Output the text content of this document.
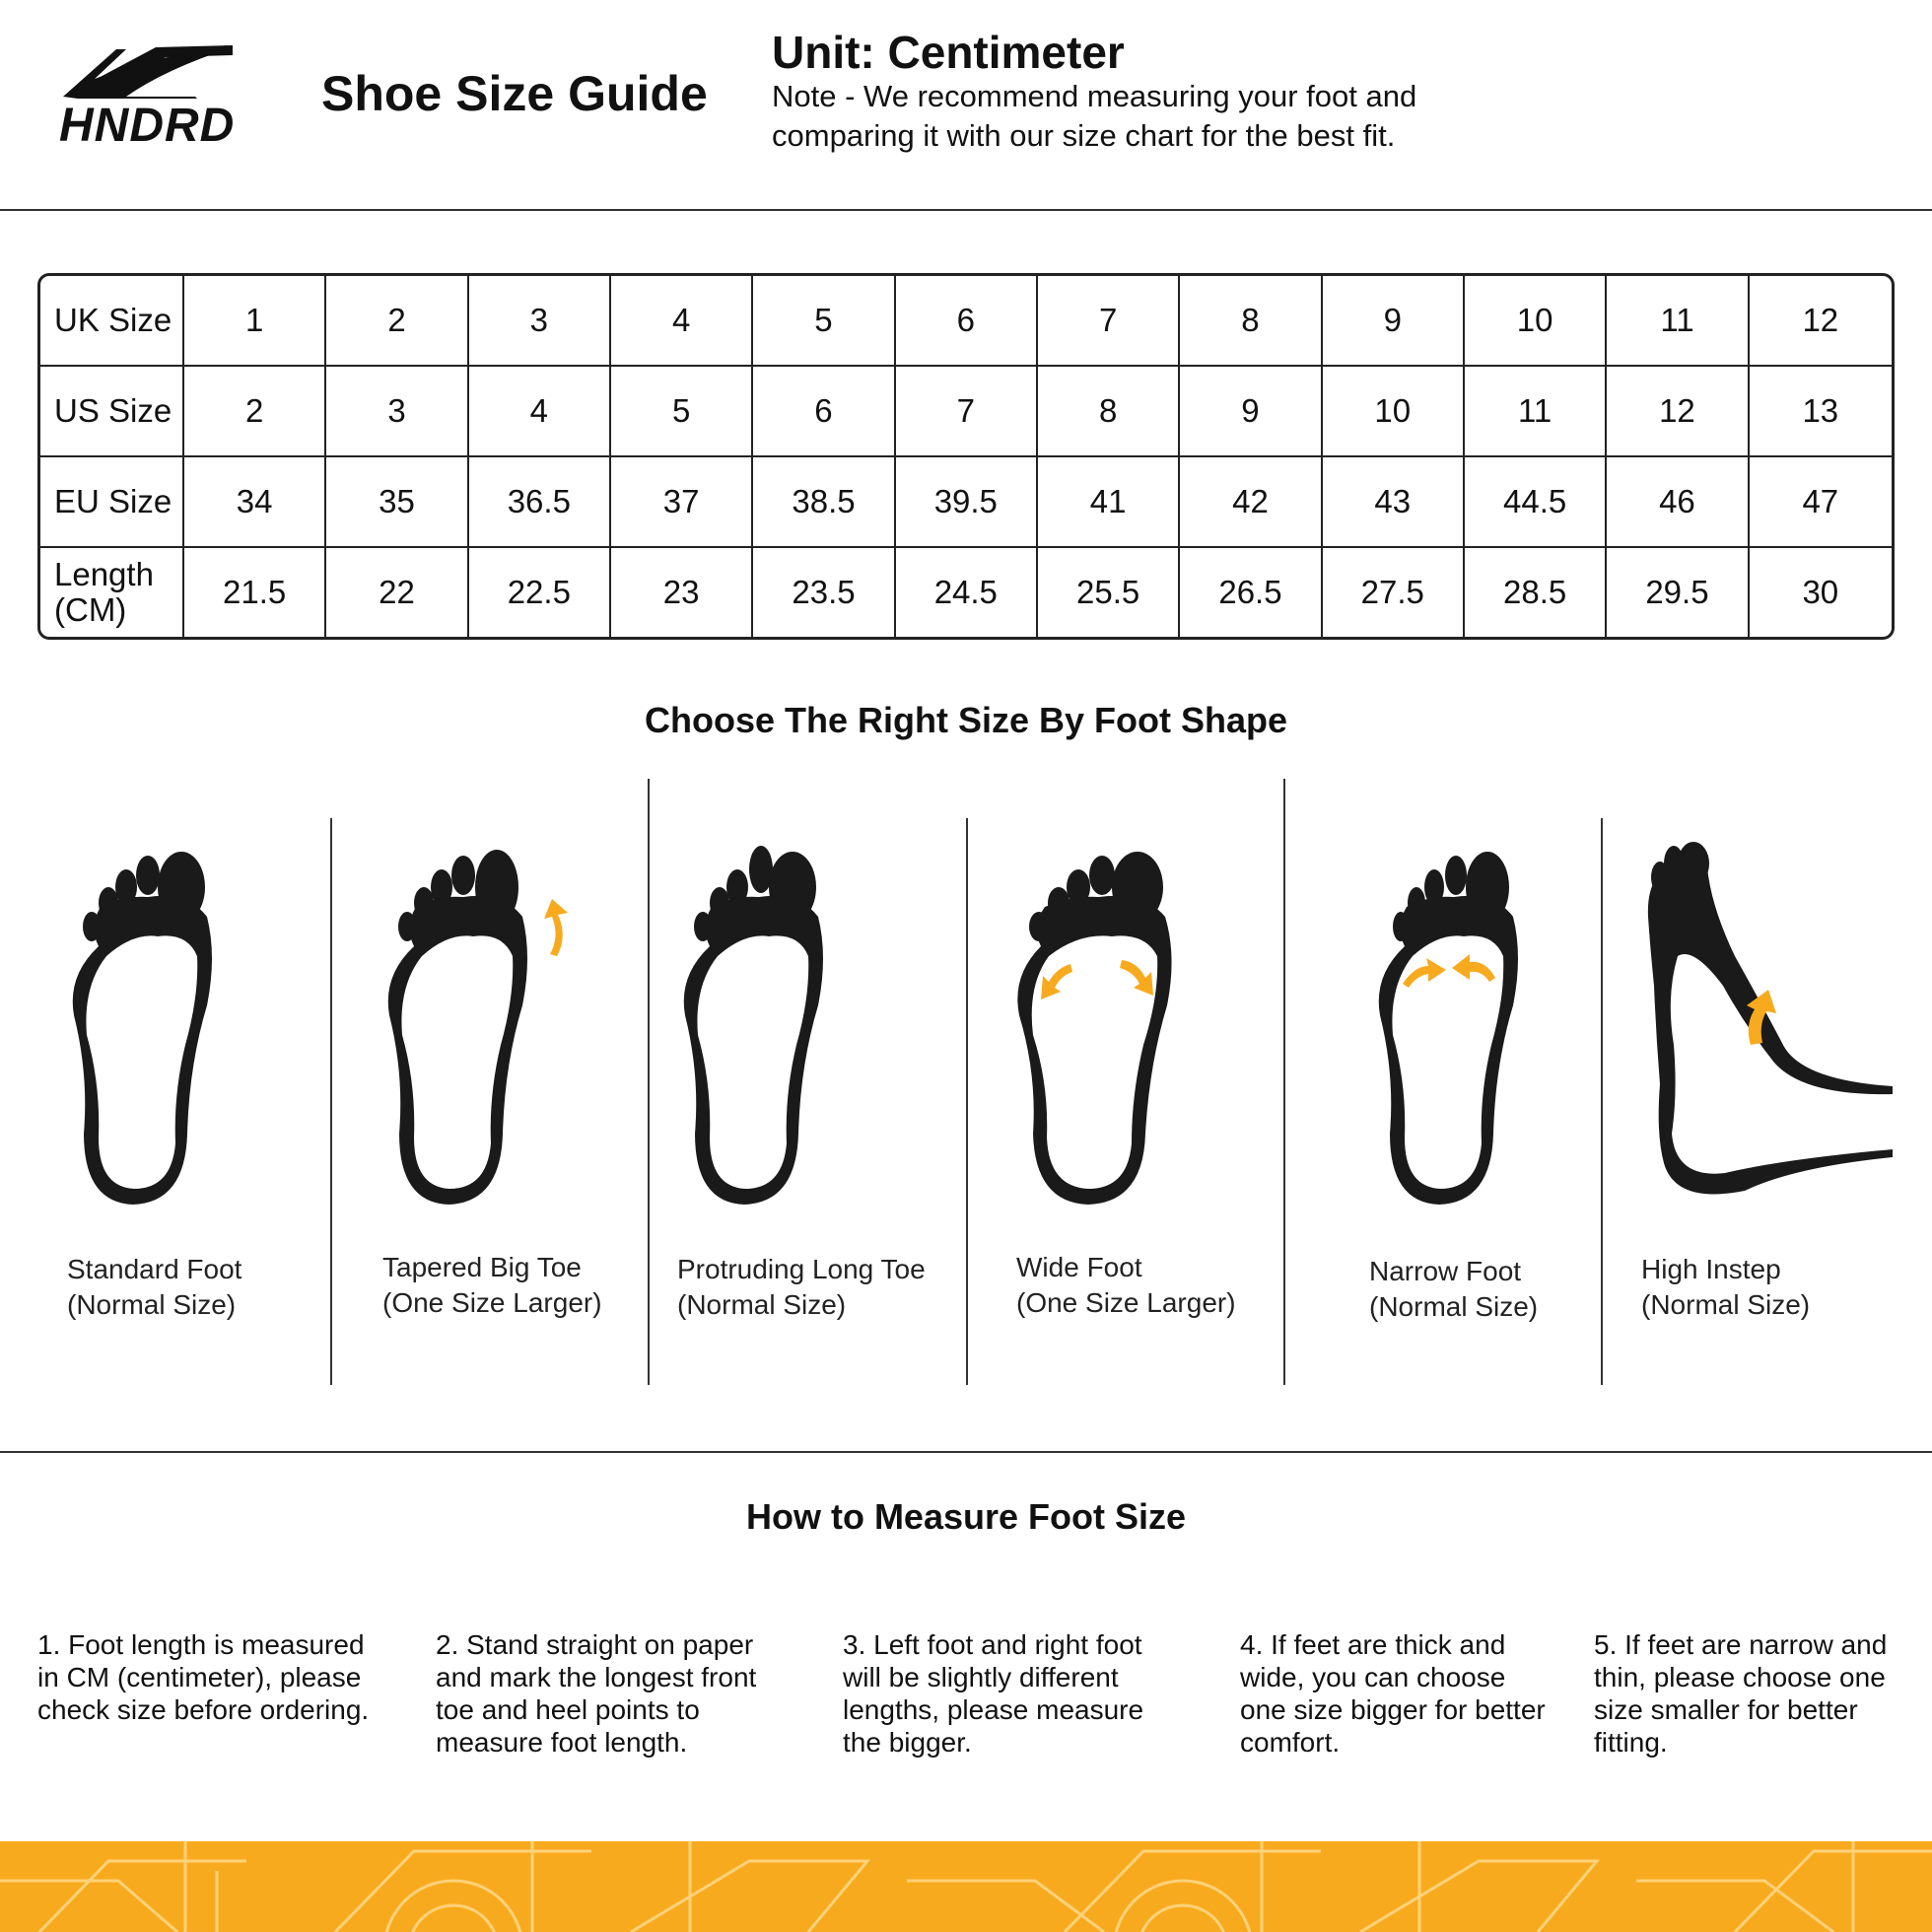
HNDRD
Shoe Size Guide
Unit: Centimeter
Note - We recommend measuring your foot and comparing it with our size chart for the best fit.
UK Size	1	2	3	4	5	6	7	8	9	10	11	12
US Size	2	3	4	5	6	7	8	9	10	11	12	13
EU Size	34	35	36.5	37	38.5	39.5	41	42	43	44.5	46	47
Length (CM)	21.5	22	22.5	23	23.5	24.5	25.5	26.5	27.5	28.5	29.5	30
Choose The Right Size By Foot Shape
Standard Foot
(Normal Size)
Tapered Big Toe
(One Size Larger)
Protruding Long Toe
(Normal Size)
Wide Foot
(One Size Larger)
Narrow Foot
(Normal Size)
High Instep
(Normal Size)
How to Measure Foot Size
1. Foot length is measured in CM (centimeter), please check size before ordering.
2. Stand straight on paper and mark the longest front toe and heel points to measure foot length.
3. Left foot and right foot will be slightly different lengths, please measure the bigger.
4. If feet are thick and wide, you can choose one size bigger for better comfort.
5. If feet are narrow and thin, please choose one size smaller for better fitting.
